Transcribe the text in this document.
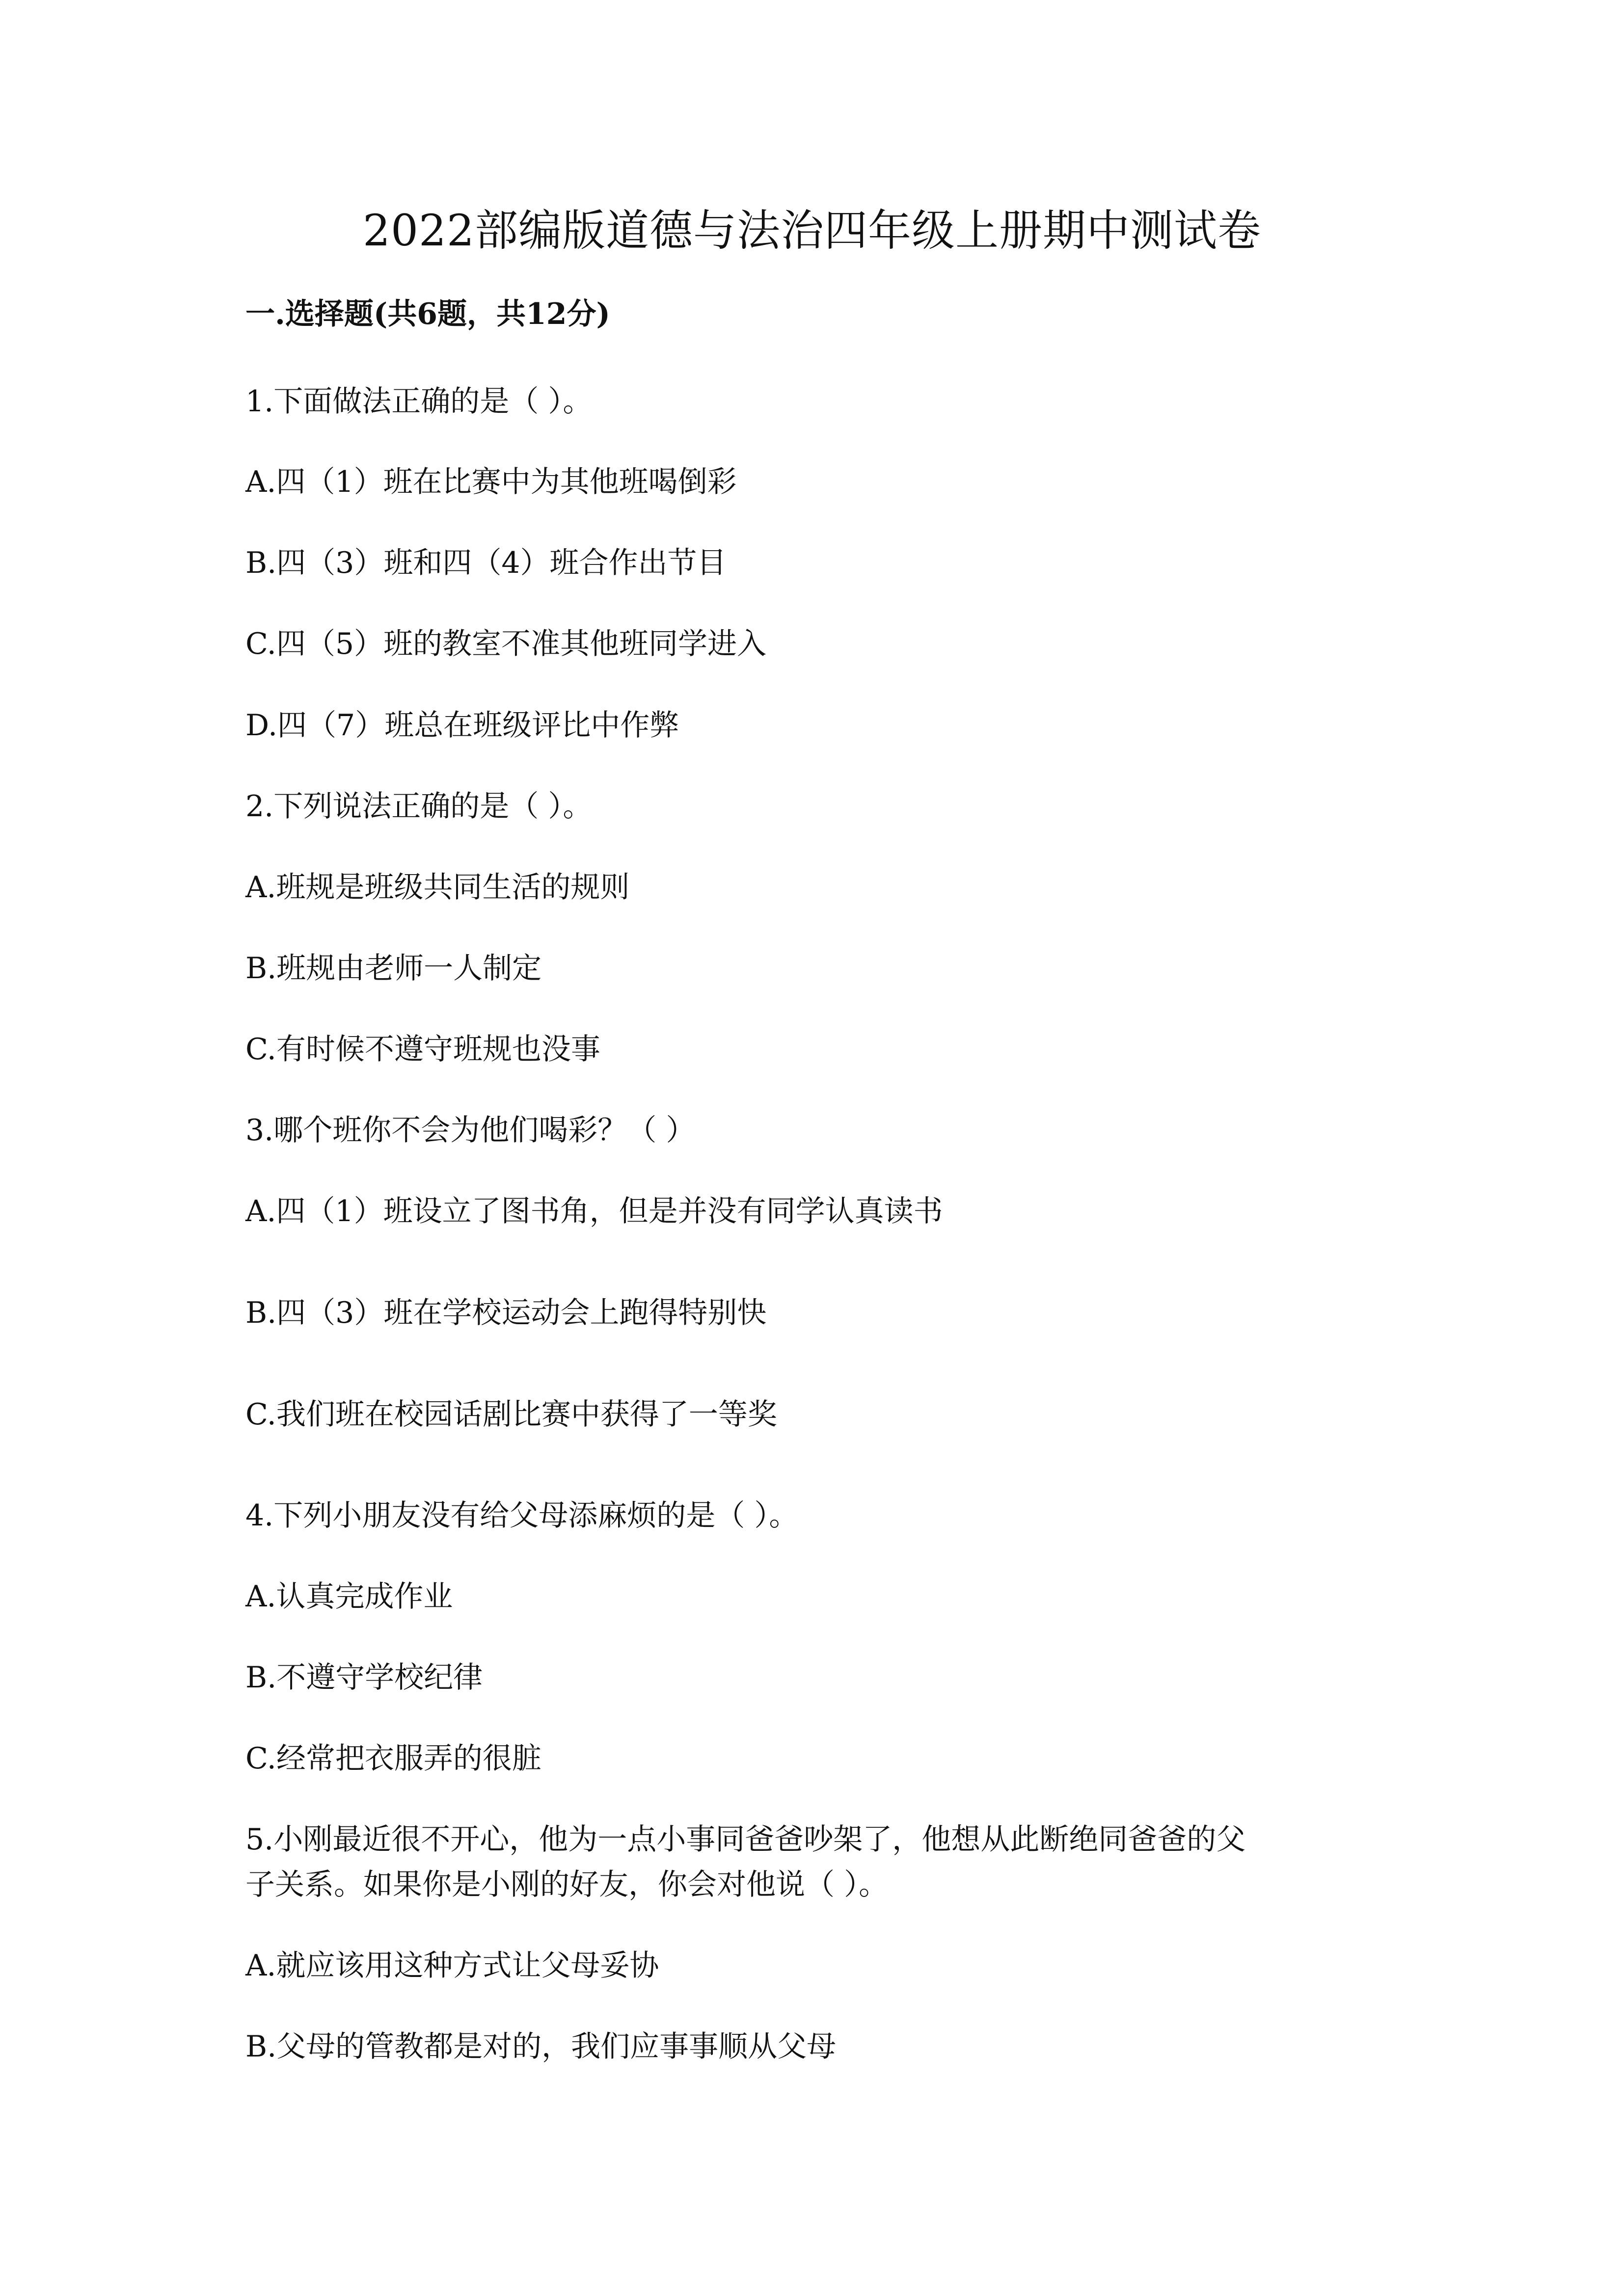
2022部编版道德与法治四年级上册期中测试卷
一.选择题(共6题，共12分)
1.下面做法正确的是（ ）。
A.四（1）班在比赛中为其他班喝倒彩
B.四（3）班和四（4）班合作出节目
C.四（5）班的教室不准其他班同学进入
D.四（7）班总在班级评比中作弊
2.下列说法正确的是（ ）。
A.班规是班级共同生活的规则
B.班规由老师一人制定
C.有时候不遵守班规也没事
3.哪个班你不会为他们喝彩？（ ）
A.四（1）班设立了图书角，但是并没有同学认真读书
B.四（3）班在学校运动会上跑得特别快
C.我们班在校园话剧比赛中获得了一等奖
4.下列小朋友没有给父母添麻烦的是（ ）。
A.认真完成作业
B.不遵守学校纪律
C.经常把衣服弄的很脏
5.小刚最近很不开心，他为一点小事同爸爸吵架了，他想从此断绝同爸爸的父
子关系。如果你是小刚的好友，你会对他说（ ）。
A.就应该用这种方式让父母妥协
B.父母的管教都是对的，我们应事事顺从父母
